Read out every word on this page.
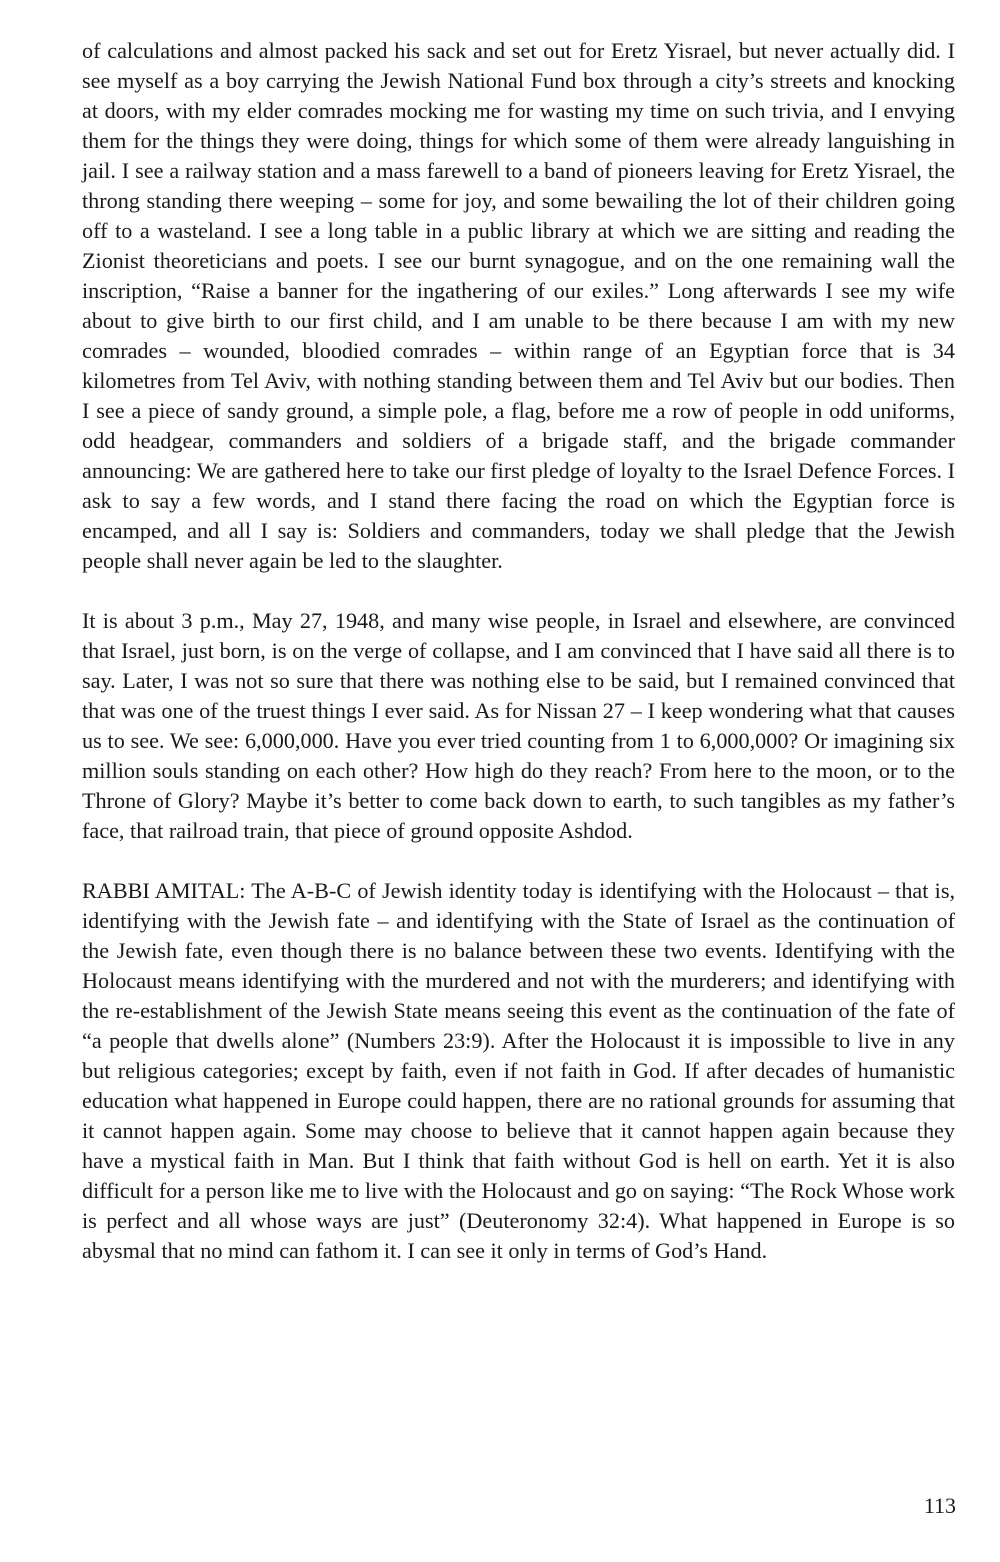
of calculations and almost packed his sack and set out for Eretz Yisrael, but never actually did. I see myself as a boy carrying the Jewish National Fund box through a city’s streets and knocking at doors, with my elder comrades mocking me for wasting my time on such trivia, and I envying them for the things they were doing, things for which some of them were already languishing in jail. I see a railway station and a mass farewell to a band of pioneers leaving for Eretz Yisrael, the throng standing there weeping – some for joy, and some bewailing the lot of their children going off to a wasteland. I see a long table in a public library at which we are sitting and reading the Zionist theoreticians and poets. I see our burnt synagogue, and on the one remaining wall the inscription, “Raise a banner for the ingathering of our exiles.” Long afterwards I see my wife about to give birth to our first child, and I am unable to be there because I am with my new comrades – wounded, bloodied comrades – within range of an Egyptian force that is 34 kilometres from Tel Aviv, with nothing standing between them and Tel Aviv but our bodies. Then I see a piece of sandy ground, a simple pole, a flag, before me a row of people in odd uniforms, odd headgear, commanders and soldiers of a brigade staff, and the brigade commander announcing: We are gathered here to take our first pledge of loyalty to the Israel Defence Forces. I ask to say a few words, and I stand there facing the road on which the Egyptian force is encamped, and all I say is: Soldiers and commanders, today we shall pledge that the Jewish people shall never again be led to the slaughter.

It is about 3 p.m., May 27, 1948, and many wise people, in Israel and elsewhere, are convinced that Israel, just born, is on the verge of collapse, and I am convinced that I have said all there is to say. Later, I was not so sure that there was nothing else to be said, but I remained convinced that that was one of the truest things I ever said. As for Nissan 27 – I keep wondering what that causes us to see. We see: 6,000,000. Have you ever tried counting from 1 to 6,000,000? Or imagining six million souls standing on each other? How high do they reach? From here to the moon, or to the Throne of Glory? Maybe it’s better to come back down to earth, to such tangibles as my father’s face, that railroad train, that piece of ground opposite Ashdod.

RABBI AMITAL: The A-B-C of Jewish identity today is identifying with the Holocaust – that is, identifying with the Jewish fate – and identifying with the State of Israel as the continuation of the Jewish fate, even though there is no balance between these two events. Identifying with the Holocaust means identifying with the murdered and not with the murderers; and identifying with the re-establishment of the Jewish State means seeing this event as the continuation of the fate of “a people that dwells alone” (Numbers 23:9). After the Holocaust it is impossible to live in any but religious categories; except by faith, even if not faith in God. If after decades of humanistic education what happened in Europe could happen, there are no rational grounds for assuming that it cannot happen again. Some may choose to believe that it cannot happen again because they have a mystical faith in Man. But I think that faith without God is hell on earth. Yet it is also difficult for a person like me to live with the Holocaust and go on saying: “The Rock Whose work is perfect and all whose ways are just” (Deuteronomy 32:4). What happened in Europe is so abysmal that no mind can fathom it. I can see it only in terms of God’s Hand.

113
